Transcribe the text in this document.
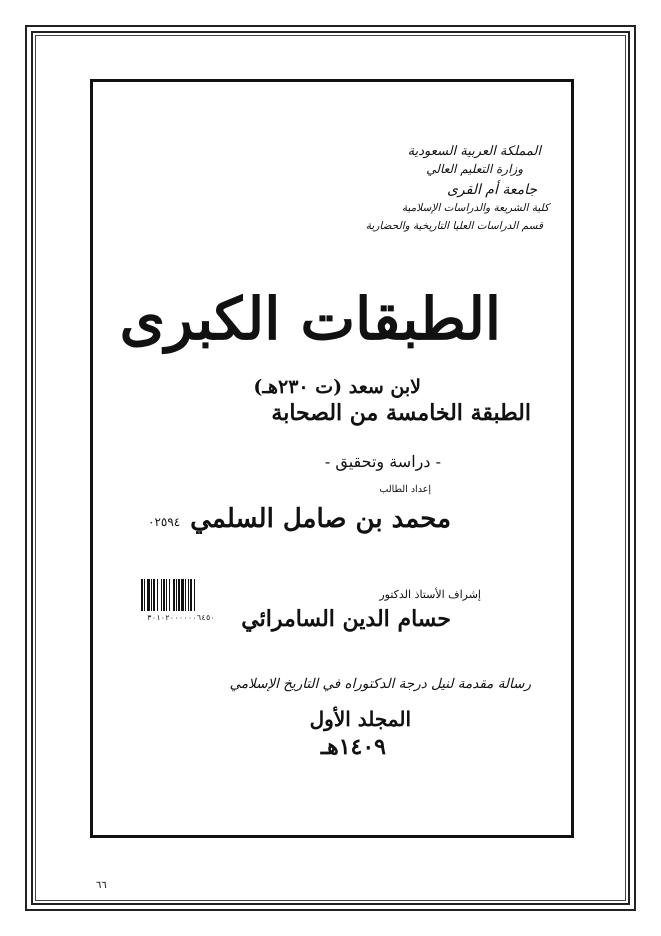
المملكة العربية السعودية
وزارة التعليم العالي
جامعة أم القرى
كلية الشريعة والدراسات الإسلامية
قسم الدراسات العليا التاريخية والحضارية
الطبقات الكبرى
لابن سعد (ت ٢٣٠هـ)
الطبقة الخامسة من الصحابة
- دراسة وتحقيق -
إعداد الطالب
محمد بن صامل السلمي
٠٢٥٩٤
٣٠١٠٢٠٠٠٠٠٠٦٤٥٠
إشراف الأستاذ الدكتور
حسام الدين السامرائي
رسالة مقدمة لنيل درجة الدكتوراه في التاريخ الإسلامي
المجلد الأول
١٤٠٩هـ
٦٦
